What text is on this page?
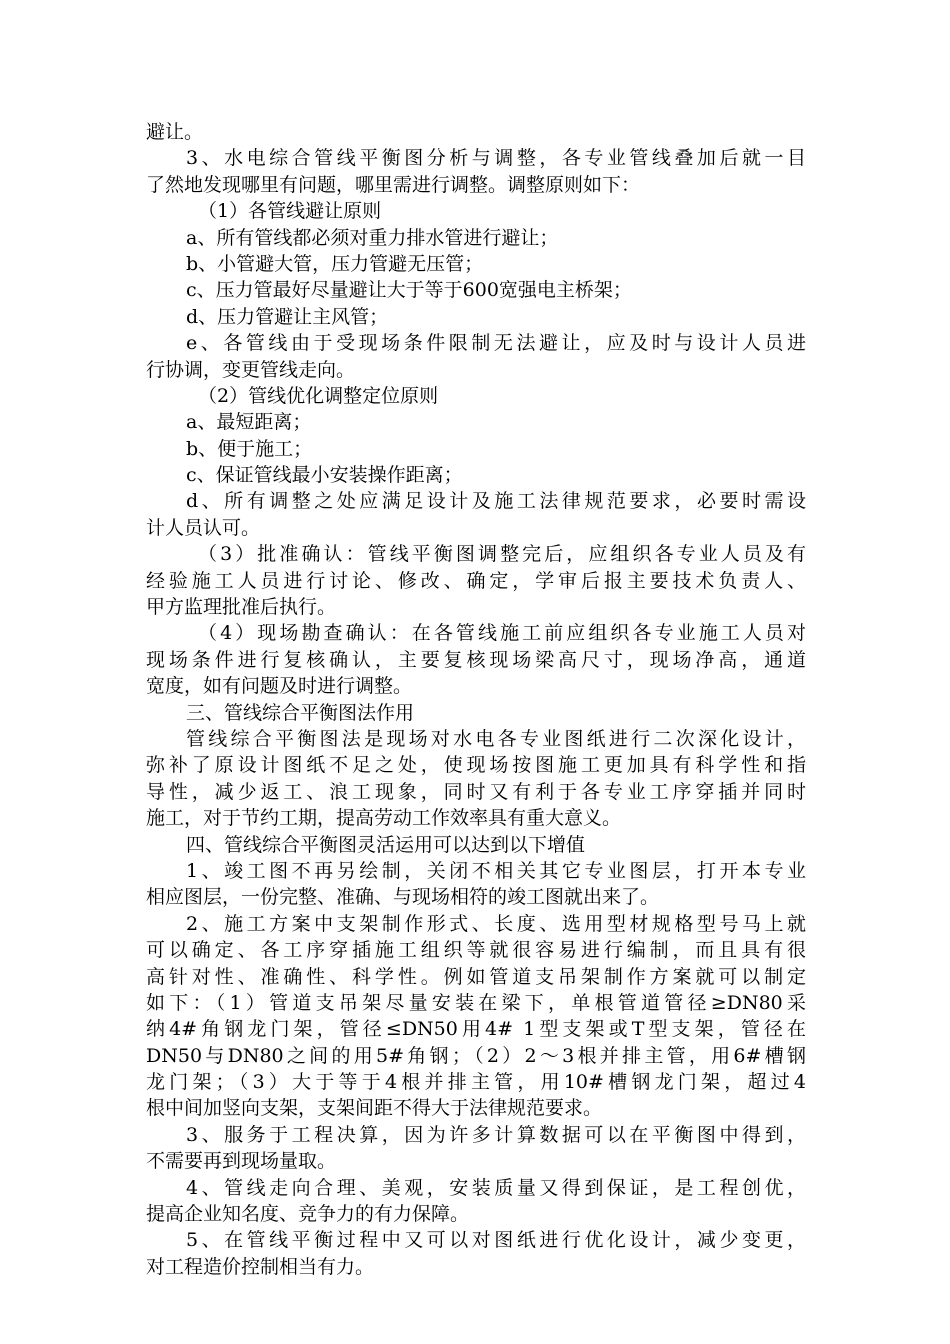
避让。
3、水电综合管线平衡图分析与调整，各专业管线叠加后就一目
了然地发现哪里有问题，哪里需进行调整。调整原则如下：
（1）各管线避让原则
a、所有管线都必须对重力排水管进行避让；
b、小管避大管，压力管避无压管；
c、压力管最好尽量避让大于等于600宽强电主桥架；
d、压力管避让主风管；
e、各管线由于受现场条件限制无法避让，应及时与设计人员进
行协调，变更管线走向。
（2）管线优化调整定位原则
a、最短距离；
b、便于施工；
c、保证管线最小安装操作距离；
d、所有调整之处应满足设计及施工法律规范要求，必要时需设
计人员认可。
（3）批准确认：管线平衡图调整完后，应组织各专业人员及有
经验施工人员进行讨论、修改、确定，学审后报主要技术负责人、
甲方监理批准后执行。
（4）现场勘查确认：在各管线施工前应组织各专业施工人员对
现场条件进行复核确认，主要复核现场梁高尺寸，现场净高，通道
宽度，如有问题及时进行调整。
三、管线综合平衡图法作用
管线综合平衡图法是现场对水电各专业图纸进行二次深化设计，
弥补了原设计图纸不足之处，使现场按图施工更加具有科学性和指
导性，减少返工、浪工现象，同时又有利于各专业工序穿插并同时
施工，对于节约工期，提高劳动工作效率具有重大意义。
四、管线综合平衡图灵活运用可以达到以下增值
1、竣工图不再另绘制，关闭不相关其它专业图层，打开本专业
相应图层，一份完整、准确、与现场相符的竣工图就出来了。
2、施工方案中支架制作形式、长度、选用型材规格型号马上就
可以确定、各工序穿插施工组织等就很容易进行编制，而且具有很
高针对性、准确性、科学性。例如管道支吊架制作方案就可以制定
如下：（1）管道支吊架尽量安装在梁下，单根管道管径≥DN80采
纳4#角钢龙门架，管径≤DN50用4# 1型支架或T型支架，管径在
DN50与DN80之间的用5#角钢；（2）2～3根并排主管，用6#槽钢
龙门架；（3）大于等于4根并排主管，用10#槽钢龙门架，超过4
根中间加竖向支架，支架间距不得大于法律规范要求。
3、服务于工程决算，因为许多计算数据可以在平衡图中得到，
不需要再到现场量取。
4、管线走向合理、美观，安装质量又得到保证，是工程创优，
提高企业知名度、竞争力的有力保障。
5、在管线平衡过程中又可以对图纸进行优化设计，减少变更，
对工程造价控制相当有力。
